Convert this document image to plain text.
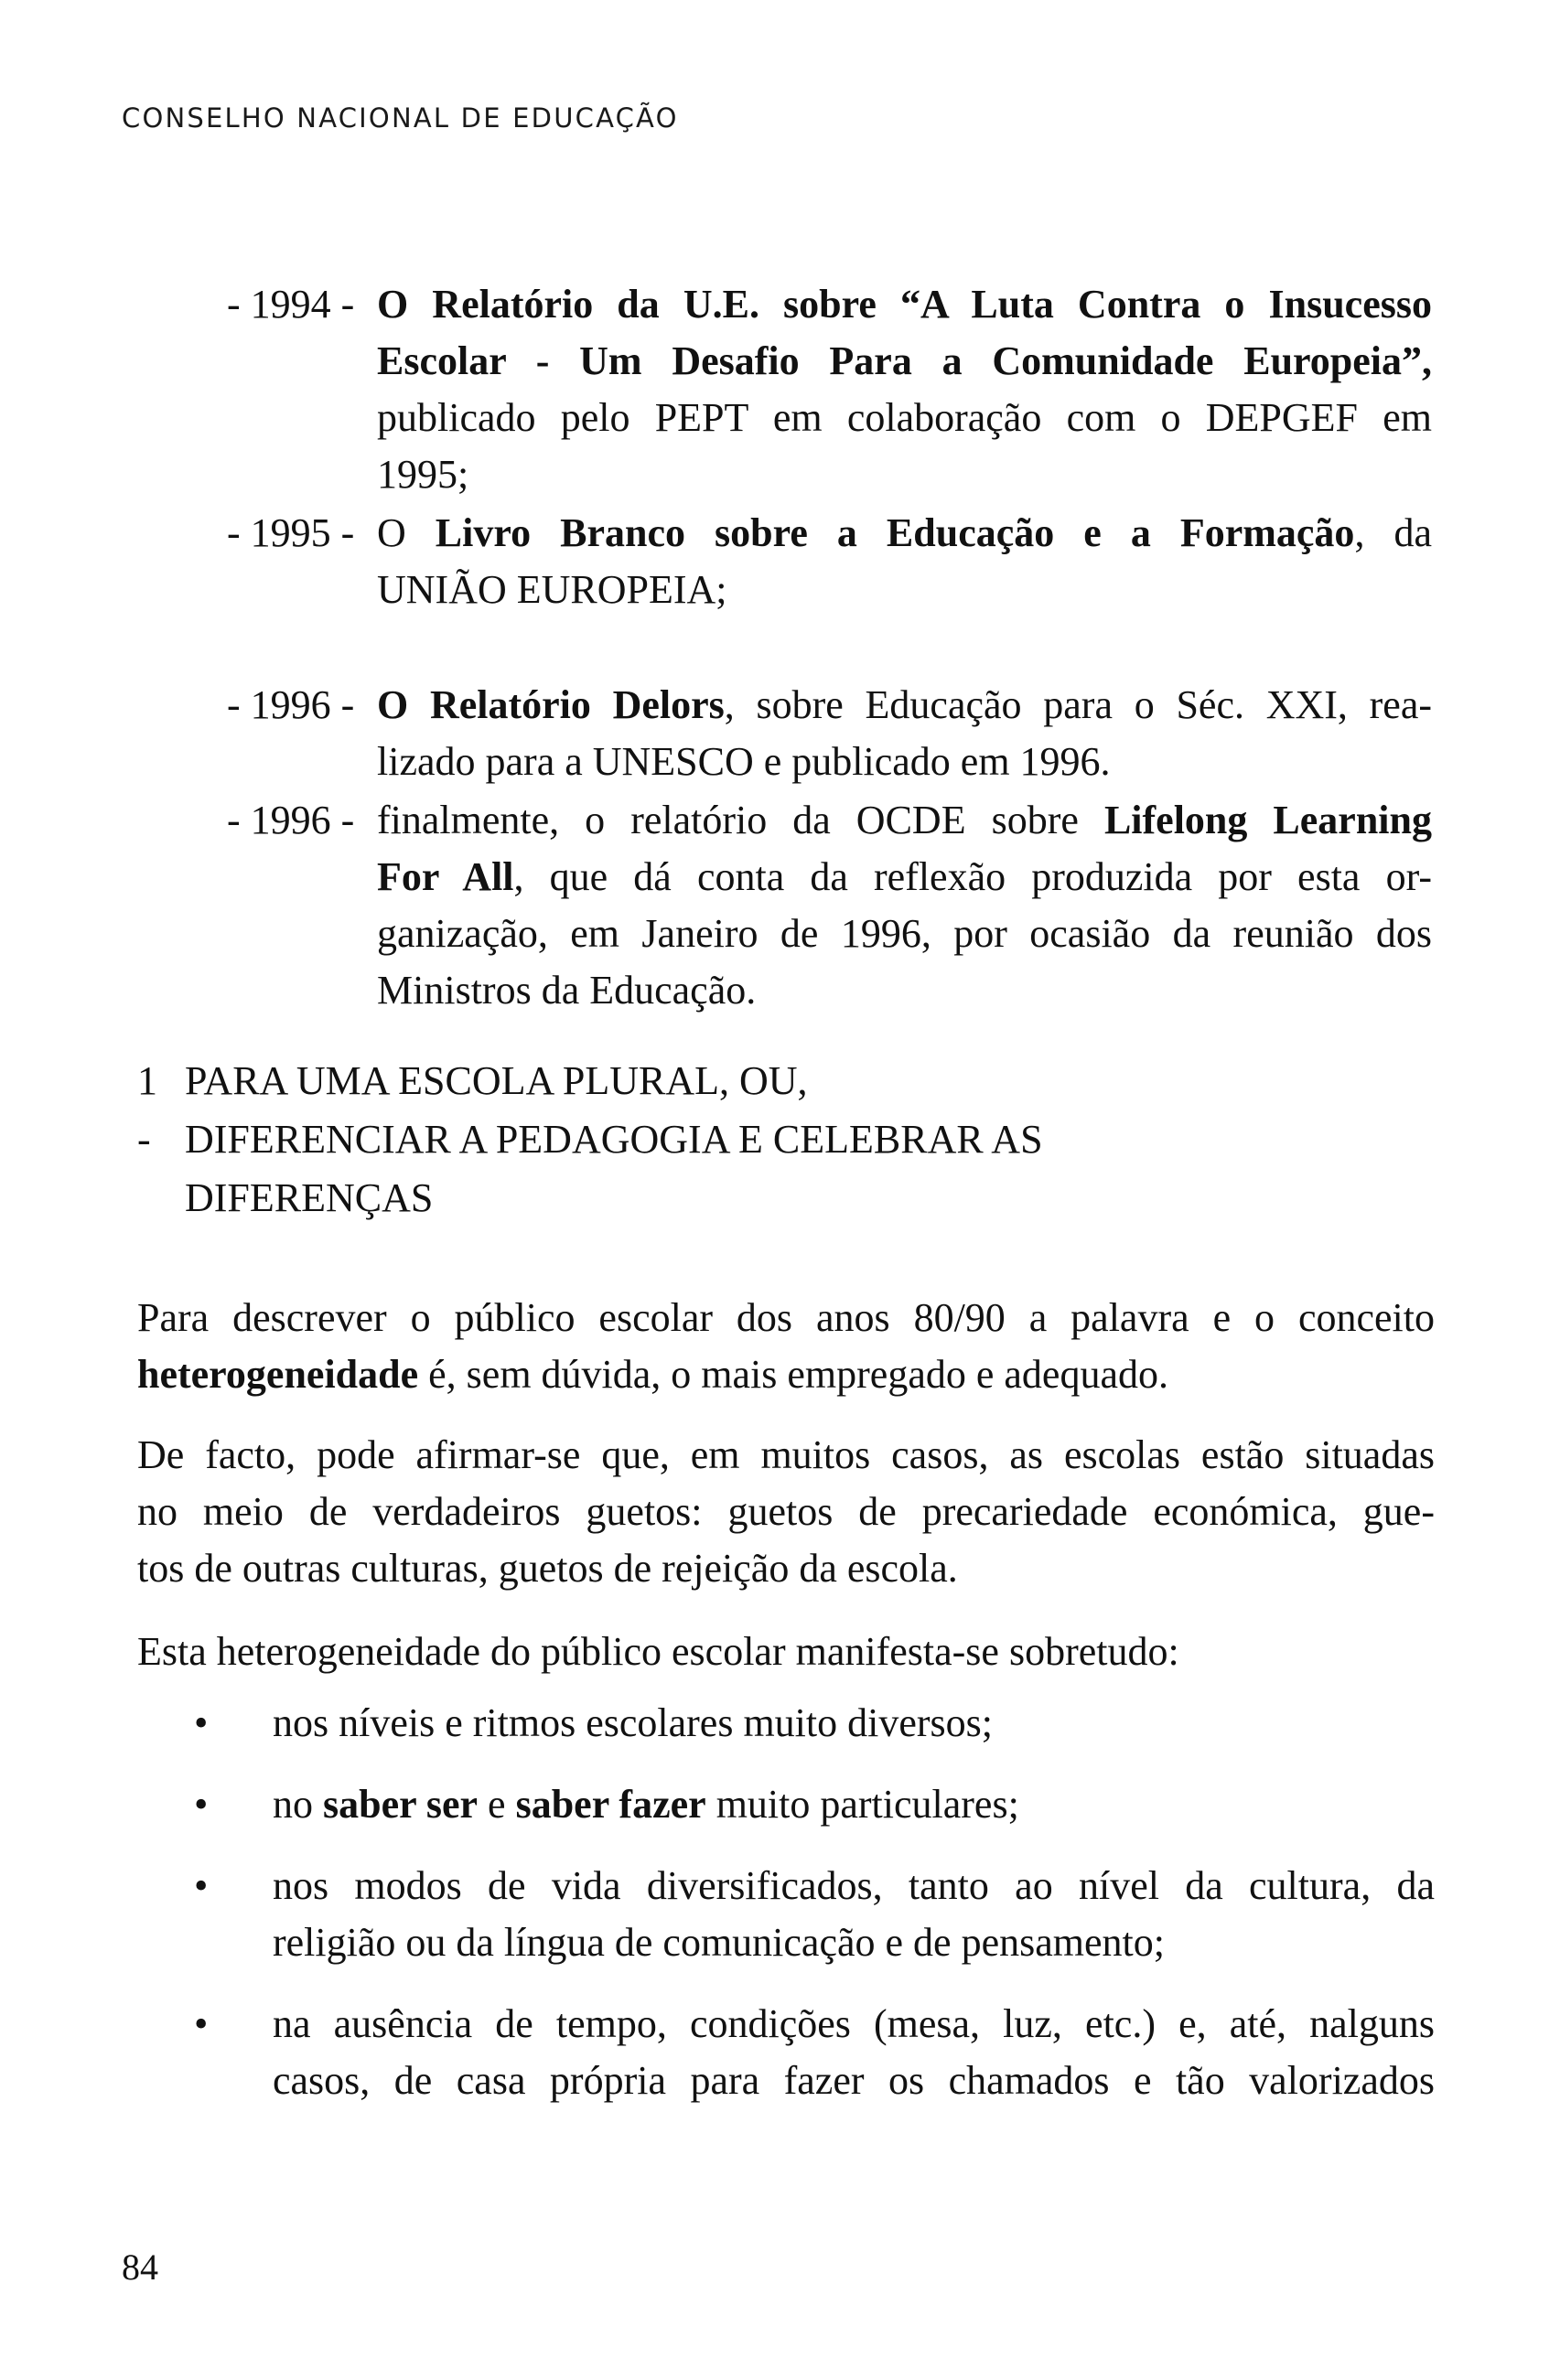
CONSELHO NACIONAL DE EDUCAÇÃO
- 1994 - O Relatório da U.E. sobre “A Luta Contra o Insucesso
Escolar - Um Desafio Para a Comunidade Europeia”,
publicado pelo PEPT em colaboração com o DEPGEF em
1995;
- 1995 - O Livro Branco sobre a Educação e a Formação, da
UNIÃO EUROPEIA;
- 1996 - O Relatório Delors, sobre Educação para o Séc. XXI, rea-
lizado para a UNESCO e publicado em 1996.
- 1996 - finalmente, o relatório da OCDE sobre Lifelong Learning
For All, que dá conta da reflexão produzida por esta or-
ganização, em Janeiro de 1996, por ocasião da reunião dos
Ministros da Educação.
1 -
PARA UMA ESCOLA PLURAL, OU,
DIFERENCIAR A PEDAGOGIA E CELEBRAR AS
DIFERENÇAS
Para descrever o público escolar dos anos 80/90 a palavra e o conceito
heterogeneidade é, sem dúvida, o mais empregado e adequado.
De facto, pode afirmar-se que, em muitos casos, as escolas estão situadas
no meio de verdadeiros guetos: guetos de precariedade económica, gue-
tos de outras culturas, guetos de rejeição da escola.
Esta heterogeneidade do público escolar manifesta-se sobretudo:
• nos níveis e ritmos escolares muito diversos;
• no saber ser e saber fazer muito particulares;
• nos modos de vida diversificados, tanto ao nível da cultura, da
religião ou da língua de comunicação e de pensamento;
• na ausência de tempo, condições (mesa, luz, etc.) e, até, nalguns
casos, de casa própria para fazer os chamados e tão valorizados
84
